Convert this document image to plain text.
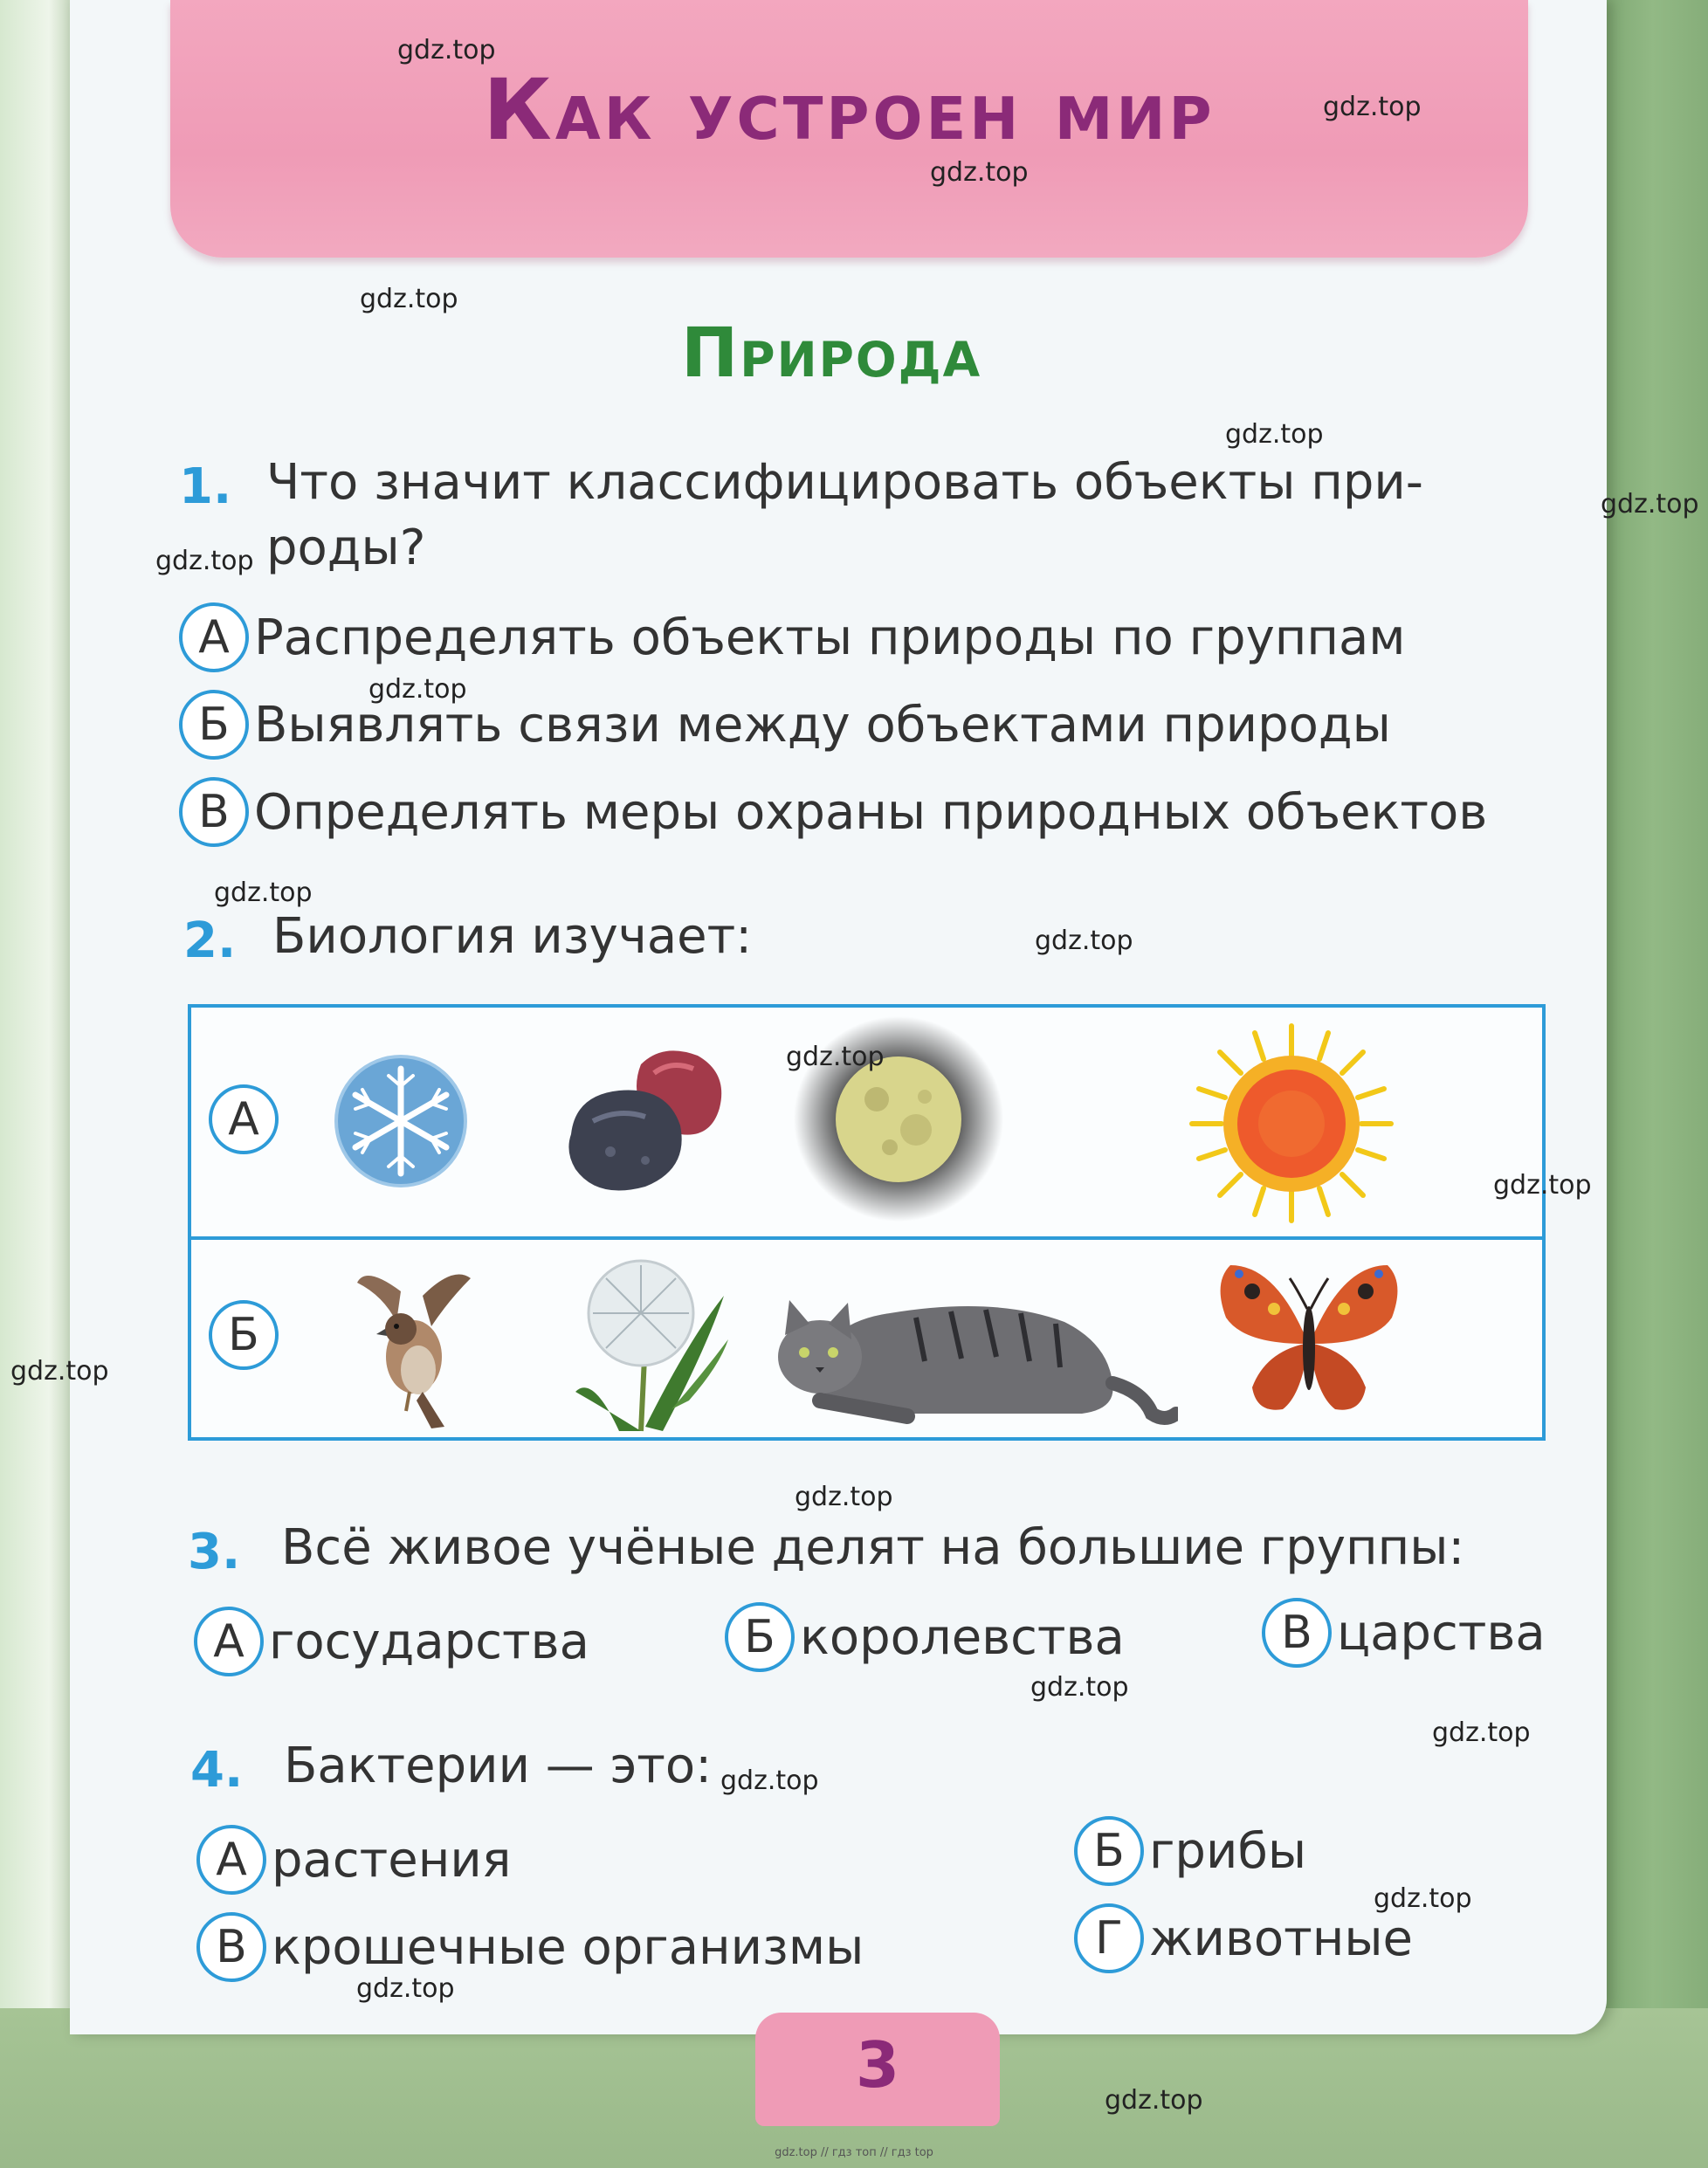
Как устроен мир
Природа
1. Что значит классифицировать объекты при-
роды?
А Распределять объекты природы по группам
Б Выявлять связи между объектами природы
В Определять меры охраны природных объектов
2. Биология изучает:
А
Б
3. Всё живое учёные делят на большие группы:
А государства	Б королевства	В царства
4. Бактерии — это:
А растения	Б грибы
В крошечные организмы	Г животные
3
gdz.top
gdz.top
gdz.top
gdz.top
gdz.top
gdz.top
gdz.top
gdz.top
gdz.top
gdz.top
gdz.top
gdz.top
gdz.top
gdz.top
gdz.top
gdz.top
gdz.top
gdz.top
gdz.top
gdz.top
gdz.top // гдз топ // гдз top
